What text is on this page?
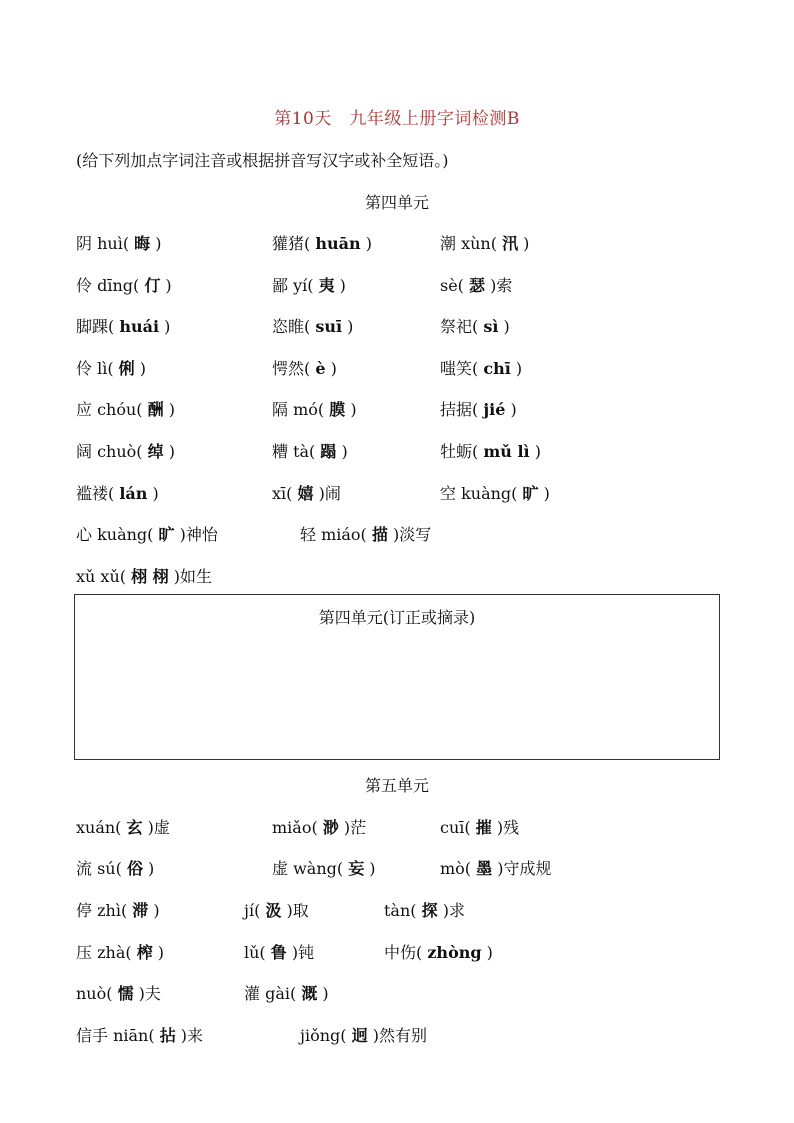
第10天　九年级上册字词检测B
(给下列加点字词注音或根据拼音写汉字或补全短语。)
第四单元
阴 huì( 晦 )	獾猪( huān )	潮 xùn( 汛 )
伶 dīng( 仃 )	鄙 yí( 夷 )	sè( 瑟 )索
脚踝( huái )	恣睢( suī )	祭祀( sì )
伶 lì( 俐 )	愕然( è )	嗤笑( chī )
应 chóu( 酬 )	隔 mó( 膜 )	拮据( jié )
阔 chuò( 绰 )	糟 tà( 蹋 )	牡蛎( mǔ lì )
褴褛( lán )	xī( 嬉 )闹	空 kuàng( 旷 )
心 kuàng( 旷 )神怡	轻 miáo( 描 )淡写
xǔ xǔ( 栩 栩 )如生
第四单元(订正或摘录)
第五单元
xuán( 玄 )虚	miǎo( 渺 )茫	cuī( 摧 )残
流 sú( 俗 )	虚 wàng( 妄 )	mò( 墨 )守成规
停 zhì( 滞 )	jí( 汲 )取	tàn( 探 )求
压 zhà( 榨 )	lǔ( 鲁 )钝	中伤( zhòng )
nuò( 懦 )夫	灌 gài( 溉 )
信手 niān( 拈 )来	jiǒng( 迥 )然有别
